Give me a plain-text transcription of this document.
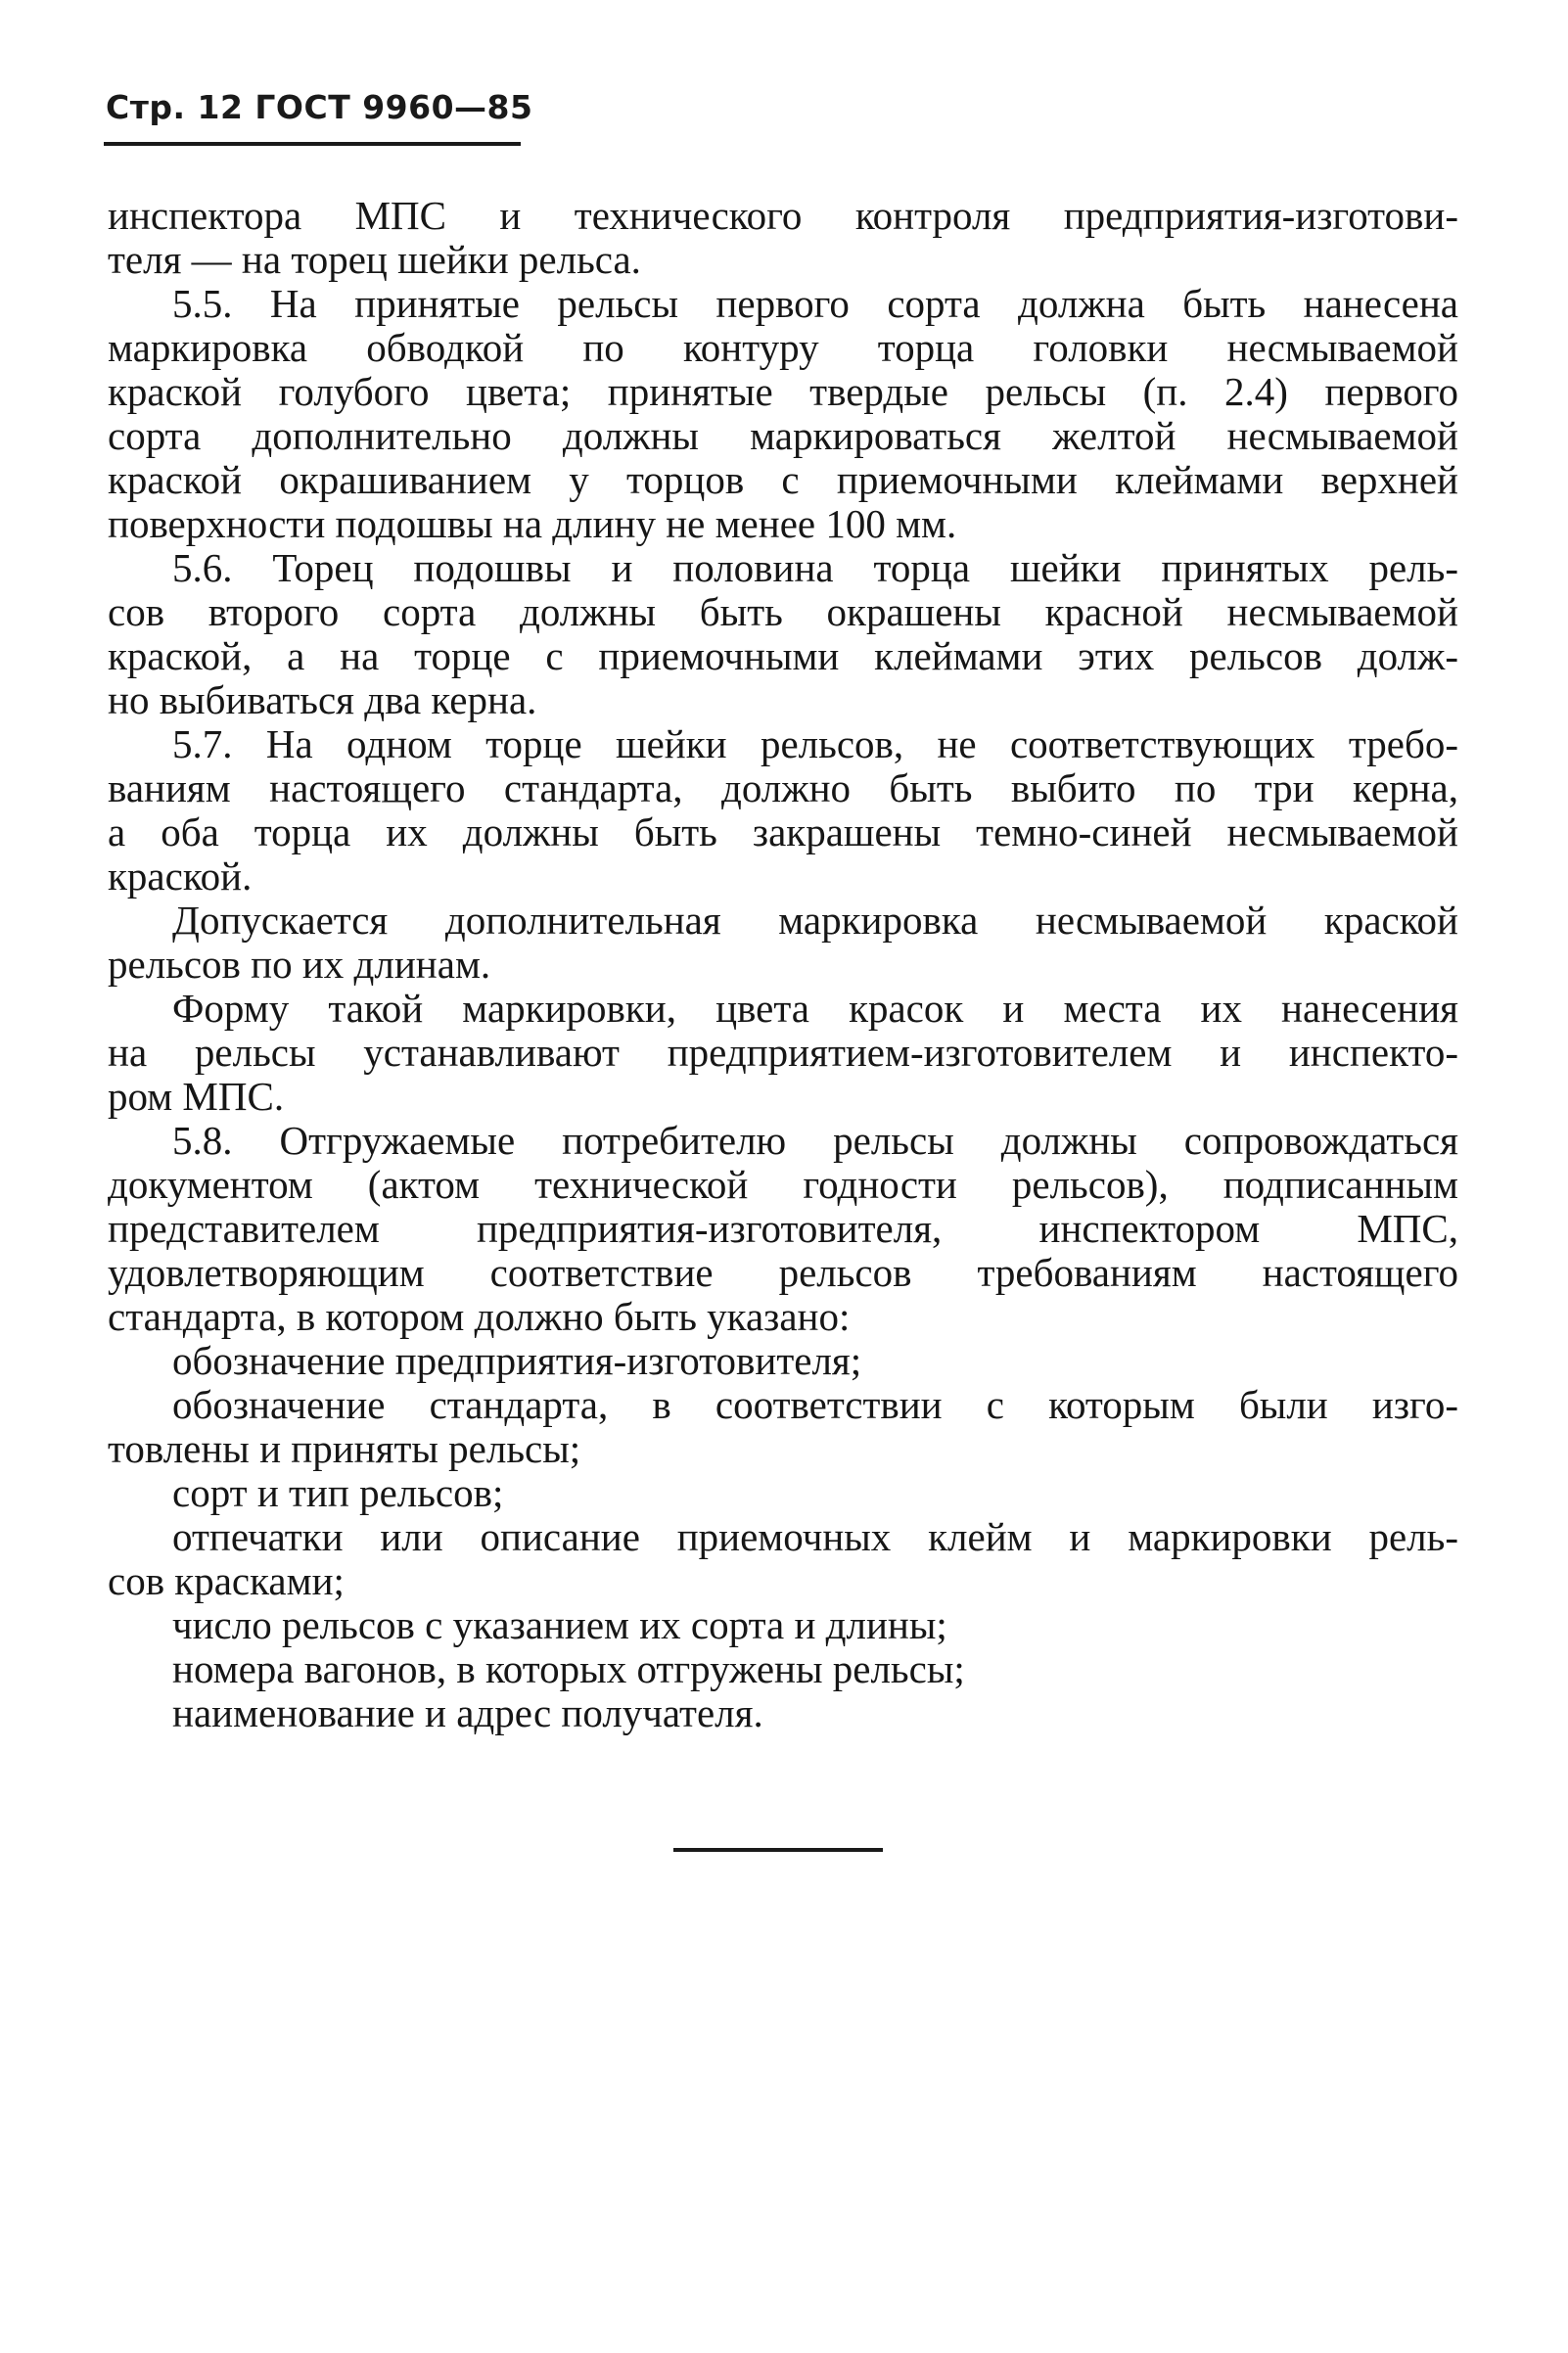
Стр. 12 ГОСТ 9960—85
инспектора МПС и технического контроля предприятия-изготови-
теля — на торец шейки рельса.
5.5. На принятые рельсы первого сорта должна быть нанесена
маркировка обводкой по контуру торца головки несмываемой
краской голубого цвета; принятые твердые рельсы (п. 2.4) первого
сорта дополнительно должны маркироваться желтой несмываемой
краской окрашиванием у торцов с приемочными клеймами верхней
поверхности подошвы на длину не менее 100 мм.
5.6. Торец подошвы и половина торца шейки принятых рель-
сов второго сорта должны быть окрашены красной несмываемой
краской, а на торце с приемочными клеймами этих рельсов долж-
но выбиваться два керна.
5.7. На одном торце шейки рельсов, не соответствующих требо-
ваниям настоящего стандарта, должно быть выбито по три керна,
а оба торца их должны быть закрашены темно-синей несмываемой
краской.
Допускается дополнительная маркировка несмываемой краской
рельсов по их длинам.
Форму такой маркировки, цвета красок и места их нанесения
на рельсы устанавливают предприятием-изготовителем и инспекто-
ром МПС.
5.8. Отгружаемые потребителю рельсы должны сопровождаться
документом (актом технической годности рельсов), подписанным
представителем предприятия-изготовителя, инспектором МПС,
удовлетворяющим соответствие рельсов требованиям настоящего
стандарта, в котором должно быть указано:
обозначение предприятия-изготовителя;
обозначение стандарта, в соответствии с которым были изго-
товлены и приняты рельсы;
сорт и тип рельсов;
отпечатки или описание приемочных клейм и маркировки рель-
сов красками;
число рельсов с указанием их сорта и длины;
номера вагонов, в которых отгружены рельсы;
наименование и адрес получателя.
